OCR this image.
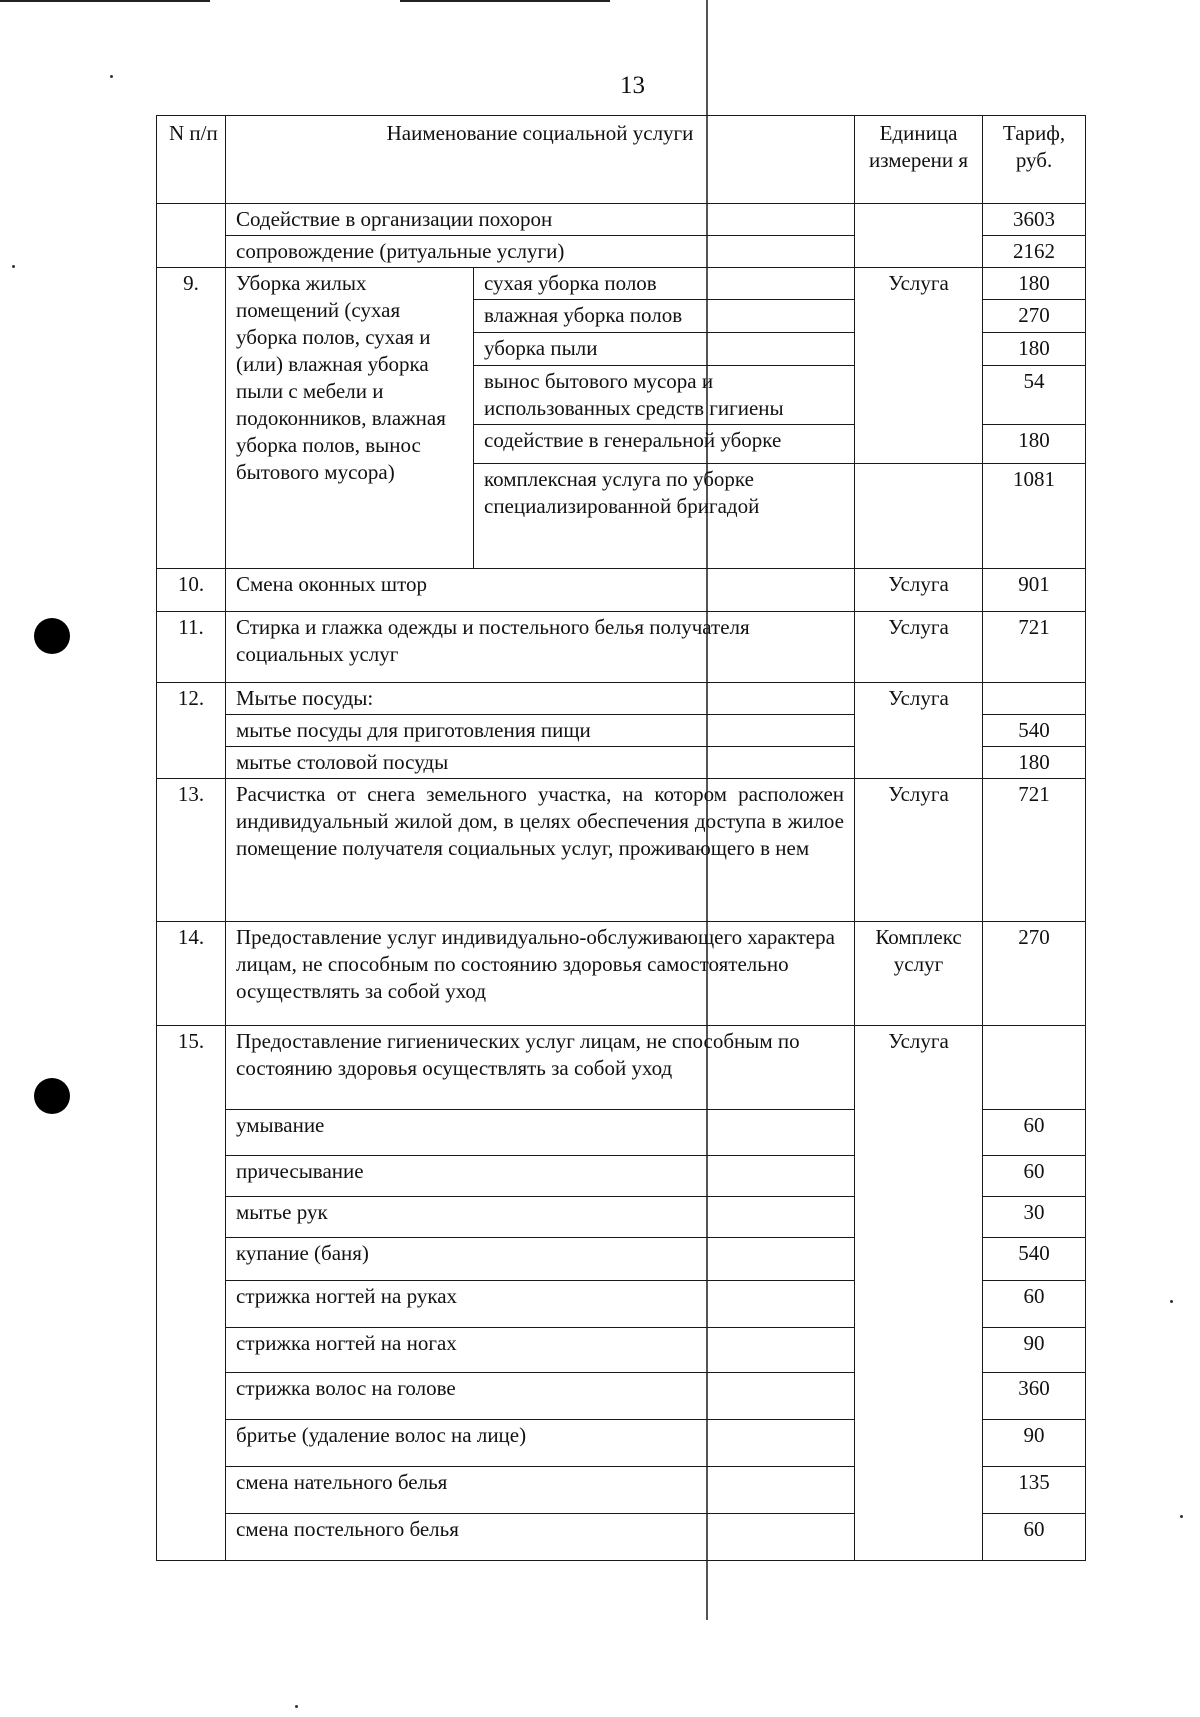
13
N п/п	Наименование социальной услуги		Единица измерени я	Тариф, руб.
	Содействие в организации похорон			3603
	сопровождение (ритуальные услуги)			2162
9.	Уборка жилых помещений (сухая уборка полов, сухая и (или) влажная уборка пыли с мебели и подоконников, влажная уборка полов, вынос бытового мусора)	сухая уборка полов	Услуга	180
		влажная уборка полов		270
		уборка пыли		180
		вынос бытового мусора и использованных средств гигиены		54
		содействие в генеральной уборке		180
		комплексная услуга по уборке специализированной бригадой		1081
10.	Смена оконных штор		Услуга	901
11.	Стирка и глажка одежды и постельного белья получателя социальных услуг		Услуга	721
12.	Мытье посуды:		Услуга	
	мытье посуды для приготовления пищи			540
	мытье столовой посуды			180
13.	Расчистка от снега земельного участка, на котором расположен индивидуальный жилой дом, в целях обеспечения доступа в жилое помещение получателя социальных услуг, проживающего в нем		Услуга	721
14.	Предоставление услуг индивидуально-обслуживающего характера лицам, не способным по состоянию здоровья самостоятельно осуществлять за собой уход		Комплекс услуг	270
15.	Предоставление гигиенических услуг лицам, не способным по состоянию здоровья осуществлять за собой уход		Услуга	
	умывание			60
	причесывание			60
	мытье рук			30
	купание (баня)			540
	стрижка ногтей на руках			60
	стрижка ногтей на ногах			90
	стрижка волос на голове			360
	бритье (удаление волос на лице)			90
	смена нательного белья			135
	смена постельного белья			60
